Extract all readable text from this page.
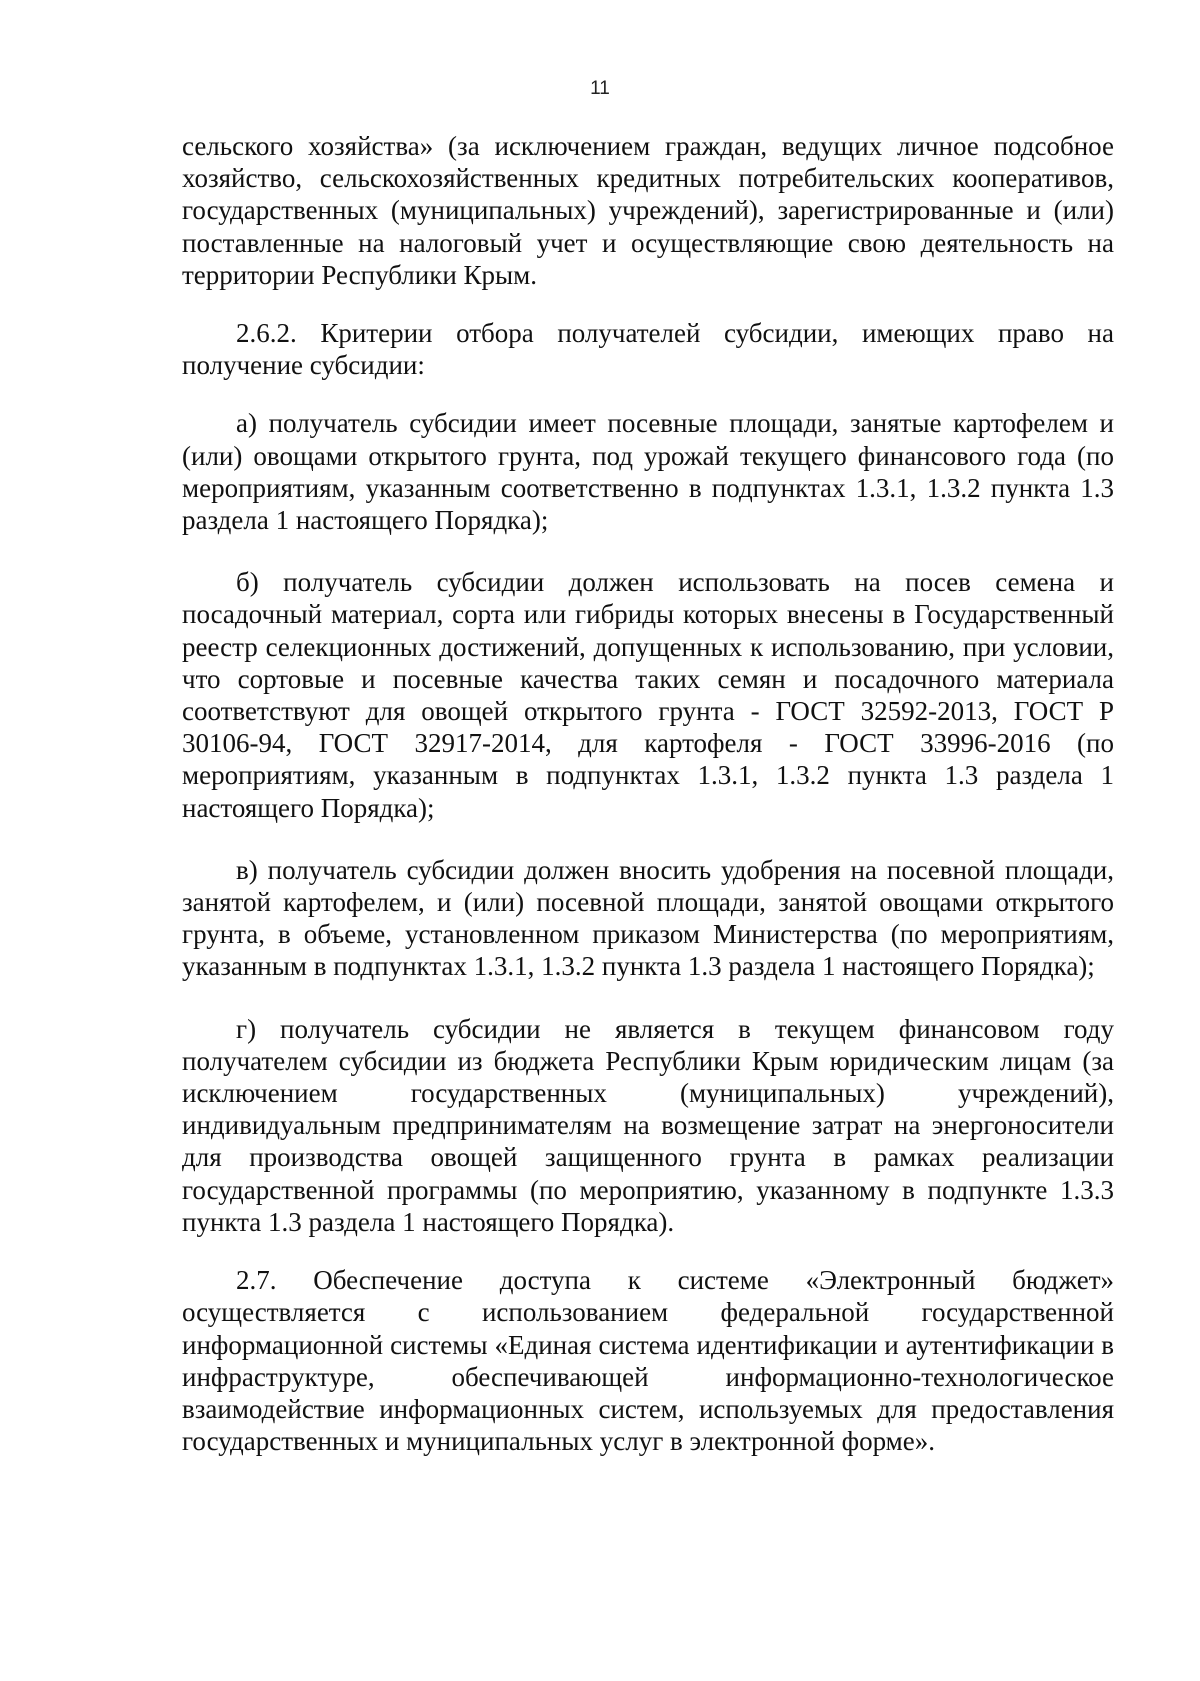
11

сельского хозяйства» (за исключением граждан, ведущих личное подсобное хозяйство, сельскохозяйственных кредитных потребительских кооперативов, государственных (муниципальных) учреждений), зарегистрированные и (или) поставленные на налоговый учет и осуществляющие свою деятельность на территории Республики Крым.

2.6.2. Критерии отбора получателей субсидии, имеющих право на получение субсидии:

а) получатель субсидии имеет посевные площади, занятые картофелем и (или) овощами открытого грунта, под урожай текущего финансового года (по мероприятиям, указанным соответственно в подпунктах 1.3.1, 1.3.2 пункта 1.3 раздела 1 настоящего Порядка);

б) получатель субсидии должен использовать на посев семена и посадочный материал, сорта или гибриды которых внесены в Государственный реестр селекционных достижений, допущенных к использованию, при условии, что сортовые и посевные качества таких семян и посадочного материала соответствуют для овощей открытого грунта - ГОСТ 32592-2013, ГОСТ Р 30106-94, ГОСТ 32917-2014, для картофеля - ГОСТ 33996-2016 (по мероприятиям, указанным в подпунктах 1.3.1, 1.3.2 пункта 1.3 раздела 1 настоящего Порядка);

в) получатель субсидии должен вносить удобрения на посевной площади, занятой картофелем, и (или) посевной площади, занятой овощами открытого грунта, в объеме, установленном приказом Министерства (по мероприятиям, указанным в подпунктах 1.3.1, 1.3.2 пункта 1.3 раздела 1 настоящего Порядка);

г) получатель субсидии не является в текущем финансовом году получателем субсидии из бюджета Республики Крым юридическим лицам (за исключением государственных (муниципальных) учреждений), индивидуальным предпринимателям на возмещение затрат на энергоносители для производства овощей защищенного грунта в рамках реализации государственной программы (по мероприятию, указанному в подпункте 1.3.3 пункта 1.3 раздела 1 настоящего Порядка).

2.7. Обеспечение доступа к системе «Электронный бюджет» осуществляется с использованием федеральной государственной информационной системы «Единая система идентификации и аутентификации в инфраструктуре, обеспечивающей информационно-технологическое взаимодействие информационных систем, используемых для предоставления государственных и муниципальных услуг в электронной форме».
